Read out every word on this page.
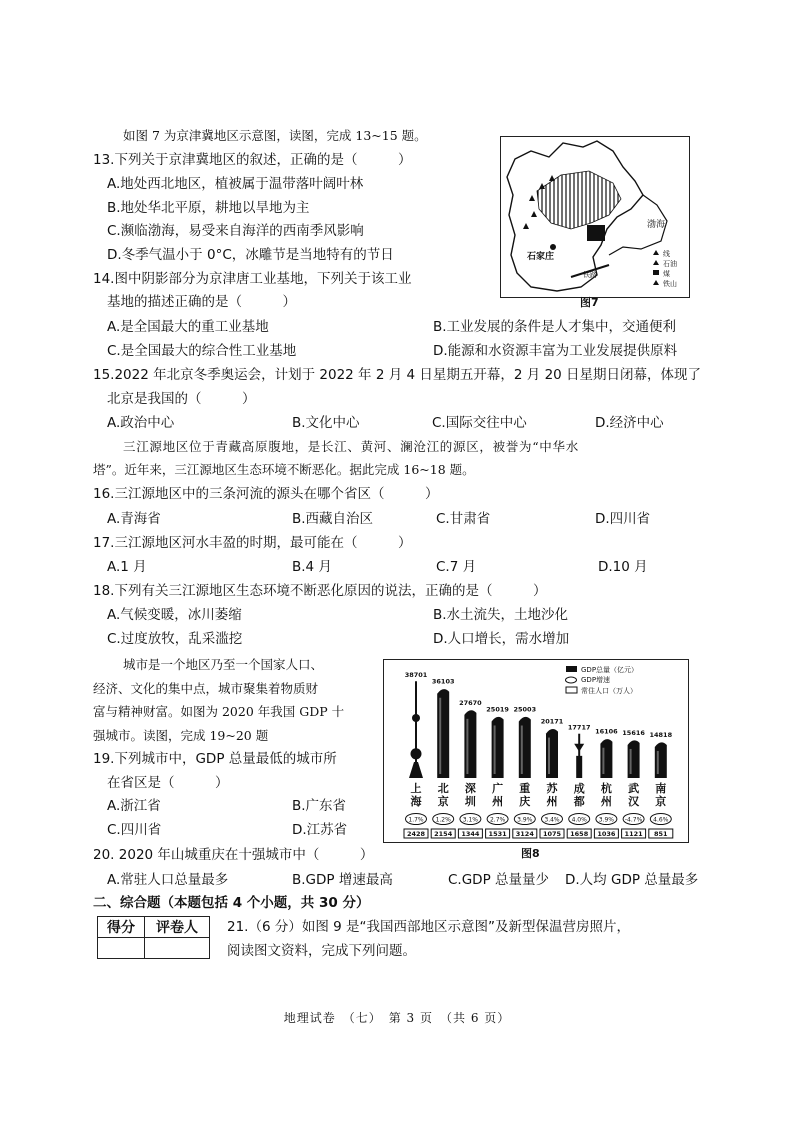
如图 7 为京津冀地区示意图，读图，完成 13~15 题。
13.下列关于京津冀地区的叙述，正确的是（　　　）
A.地处西北地区，植被属于温带落叶阔叶林
B.地处华北平原，耕地以旱地为主
C.濒临渤海，易受来自海洋的西南季风影响
D.冬季气温小于 0°C，冰雕节是当地特有的节日	石家庄
渤海
铁路
线
石油
煤
铁山
图7
14.图中阴影部分为京津唐工业基地，下列关于该工业
基地的描述正确的是（　　　）
A.是全国最大的重工业基地	B.工业发展的条件是人才集中，交通便利
C.是全国最大的综合性工业基地	D.能源和水资源丰富为工业发展提供原料
15.2022 年北京冬季奥运会，计划于 2022 年 2 月 4 日星期五开幕，2 月 20 日星期日闭幕，体现了
北京是我国的（　　　）
A.政治中心	B.文化中心	C.国际交往中心	D.经济中心
三江源地区位于青藏高原腹地，是长江、黄河、澜沧江的源区，被誉为“中华水
塔”。近年来，三江源地区生态环境不断恶化。据此完成 16~18 题。
16.三江源地区中的三条河流的源头在哪个省区（　　　）
A.青海省	B.西藏自治区	C.甘肃省	D.四川省
17.三江源地区河水丰盈的时期，最可能在（　　　）
A.1 月	B.4 月	C.7 月	D.10 月
18.下列有关三江源地区生态环境不断恶化原因的说法，正确的是（　　　）
A.气候变暖，冰川萎缩	B.水土流失，土地沙化
C.过度放牧，乱采滥挖	D.人口增长，需水增加
城市是一个地区乃至一个国家人口、
经济、文化的集中点，城市聚集着物质财
富与精神财富。如图为 2020 年我国 GDP 十
强城市。读图，完成 19~20 题
19.下列城市中，GDP 总量最低的城市所
在省区是（　　　）
A.浙江省	B.广东省
C.四川省	D.江苏省
GDP总量（亿元）
GDP增速
常住人口（万人）
38701
上
海
1.7%
2428
36103
北
京
1.2%
2154
27670
深
圳
3.1%
1344
25019
广
州
2.7%
1531
25003
重
庆
3.9%
3124
20171
苏
州
3.4%
1075
17717
成
都
4.0%
1658
16106
杭
州
3.9%
1036
15616
武
汉
-4.7%
1121
14818
南
京
4.6%
851
图8
20. 2020 年山城重庆在十强城市中（　　　）
A.常驻人口总量最多	B.GDP 增速最高	C.GDP 总量量少 D.人均 GDP 总量最多
二、综合题（本题包括 4 个小题，共 30 分）
得分	评卷人
	21.（6 分）如图 9 是“我国西部地区示意图”及新型保温营房照片，
阅读图文资料，完成下列问题。
地理试卷　（七）　第 3 页　（共 6 页）
